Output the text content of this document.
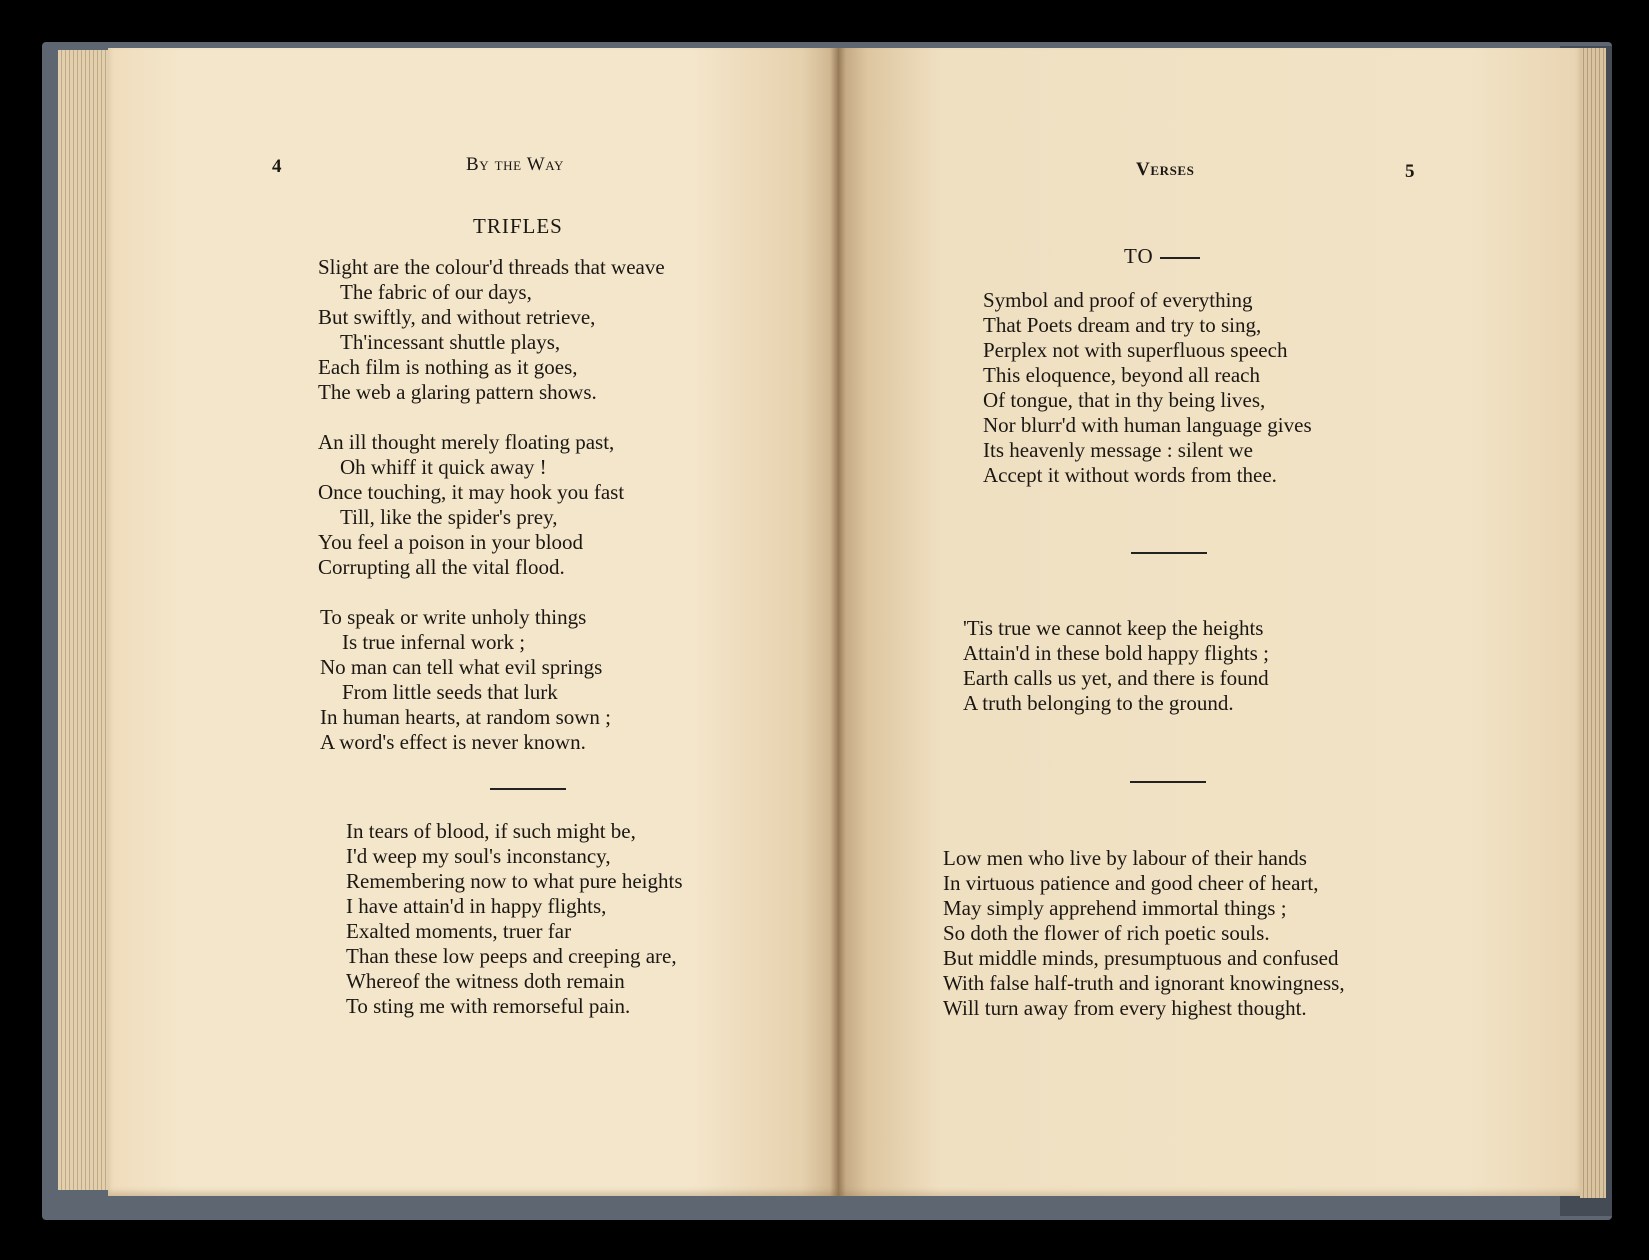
4	By the Way
TRIFLES
Slight are the colour'd threads that weave
The fabric of our days,
But swiftly, and without retrieve,
Th'incessant shuttle plays,
Each film is nothing as it goes,
The web a glaring pattern shows.
An ill thought merely floating past,
Oh whiff it quick away !
Once touching, it may hook you fast
Till, like the spider's prey,
You feel a poison in your blood
Corrupting all the vital flood.
To speak or write unholy things
Is true infernal work ;
No man can tell what evil springs
From little seeds that lurk
In human hearts, at random sown ;
A word's effect is never known.
In tears of blood, if such might be,
I'd weep my soul's inconstancy,
Remembering now to what pure heights
I have attain'd in happy flights,
Exalted moments, truer far
Than these low peeps and creeping are,
Whereof the witness doth remain
To sting me with remorseful pain.
Verses	5
TO
Symbol and proof of everything
That Poets dream and try to sing,
Perplex not with superfluous speech
This eloquence, beyond all reach
Of tongue, that in thy being lives,
Nor blurr'd with human language gives
Its heavenly message : silent we
Accept it without words from thee.
'Tis true we cannot keep the heights
Attain'd in these bold happy flights ;
Earth calls us yet, and there is found
A truth belonging to the ground.
Low men who live by labour of their hands
In virtuous patience and good cheer of heart,
May simply apprehend immortal things ;
So doth the flower of rich poetic souls.
But middle minds, presumptuous and confused
With false half-truth and ignorant knowingness,
Will turn away from every highest thought.
